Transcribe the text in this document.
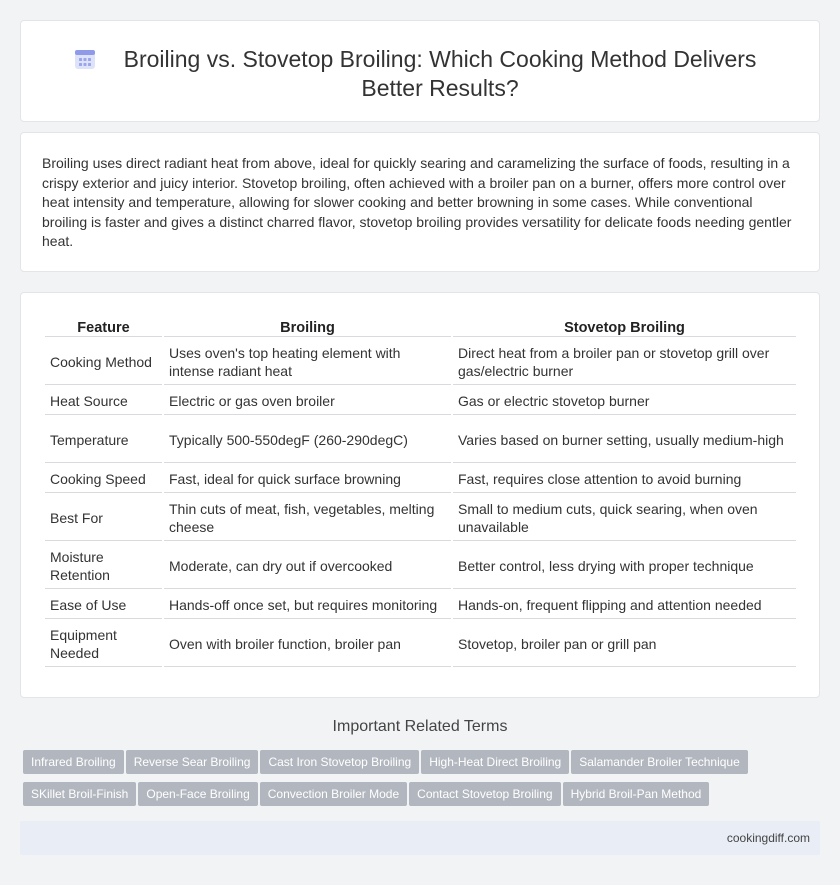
Broiling vs. Stovetop Broiling: Which Cooking Method Delivers Better Results?

Broiling uses direct radiant heat from above, ideal for quickly searing and caramelizing the surface of foods, resulting in a crispy exterior and juicy interior. Stovetop broiling, often achieved with a broiler pan on a burner, offers more control over heat intensity and temperature, allowing for slower cooking and better browning in some cases. While conventional broiling is faster and gives a distinct charred flavor, stovetop broiling provides versatility for delicate foods needing gentler heat.

Feature	Broiling	Stovetop Broiling
Cooking Method	Uses oven's top heating element with intense radiant heat	Direct heat from a broiler pan or stovetop grill over gas/electric burner
Heat Source	Electric or gas oven broiler	Gas or electric stovetop burner
Temperature	Typically 500-550degF (260-290degC)	Varies based on burner setting, usually medium-high
Cooking Speed	Fast, ideal for quick surface browning	Fast, requires close attention to avoid burning
Best For	Thin cuts of meat, fish, vegetables, melting cheese	Small to medium cuts, quick searing, when oven unavailable
Moisture Retention	Moderate, can dry out if overcooked	Better control, less drying with proper technique
Ease of Use	Hands-off once set, but requires monitoring	Hands-on, frequent flipping and attention needed
Equipment Needed	Oven with broiler function, broiler pan	Stovetop, broiler pan or grill pan
Important Related Terms
Infrared Broiling Reverse Sear Broiling Cast Iron Stovetop Broiling High-Heat Direct Broiling Salamander Broiler Technique
SKillet Broil-Finish Open-Face Broiling Convection Broiler Mode Contact Stovetop Broiling Hybrid Broil-Pan Method
cookingdiff.com
